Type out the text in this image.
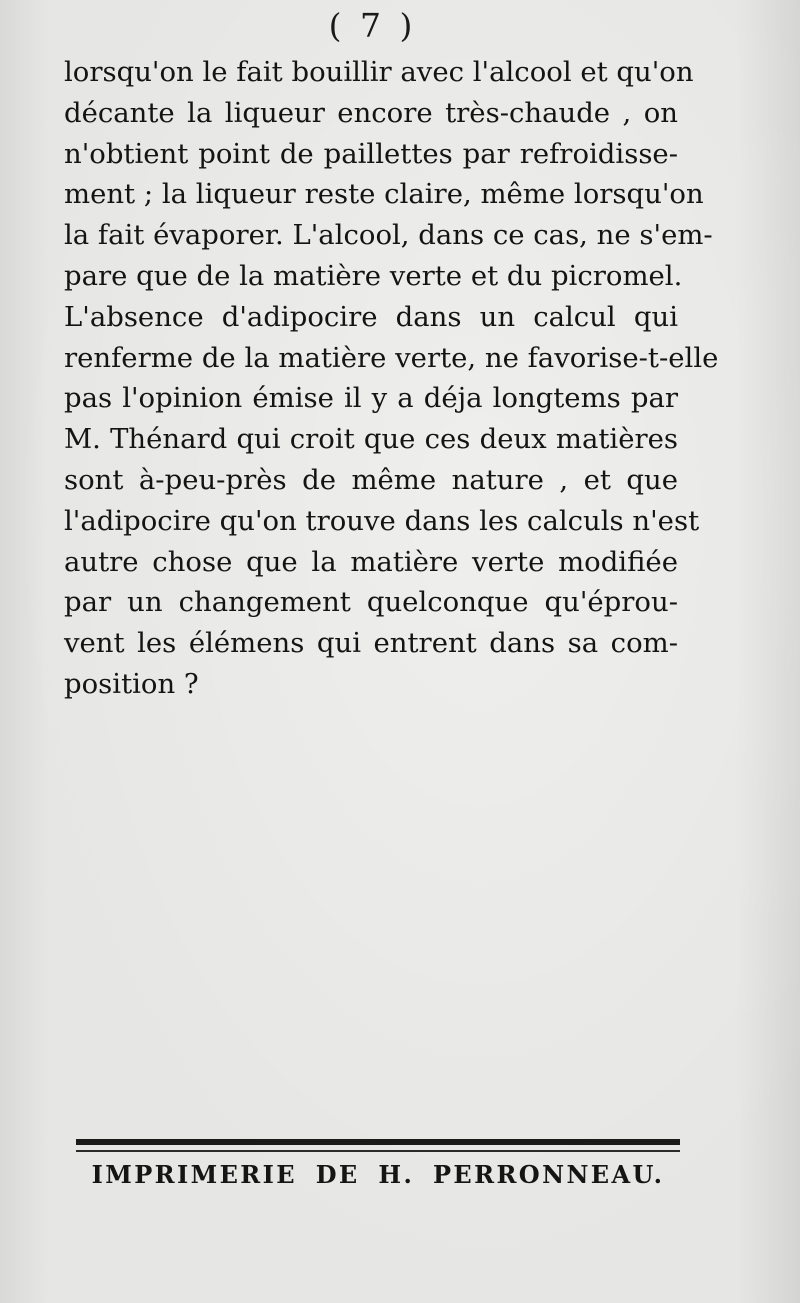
( 7 )
lorsqu'on le fait bouillir avec l'alcool et qu'on
décante la liqueur encore très-chaude , on
n'obtient point de paillettes par refroidisse-
ment ; la liqueur reste claire, même lorsqu'on
la fait évaporer. L'alcool, dans ce cas, ne s'em-
pare que de la matière verte et du picromel.
L'absence d'adipocire dans un calcul qui
renferme de la matière verte, ne favorise-t-elle
pas l'opinion émise il y a déja longtems par
M. Thénard qui croit que ces deux matières
sont à-peu-près de même nature , et que
l'adipocire qu'on trouve dans les calculs n'est
autre chose que la matière verte modifiée
par un changement quelconque qu'éprou-
vent les élémens qui entrent dans sa com-
position ?
IMPRIMERIE DE H. PERRONNEAU.
